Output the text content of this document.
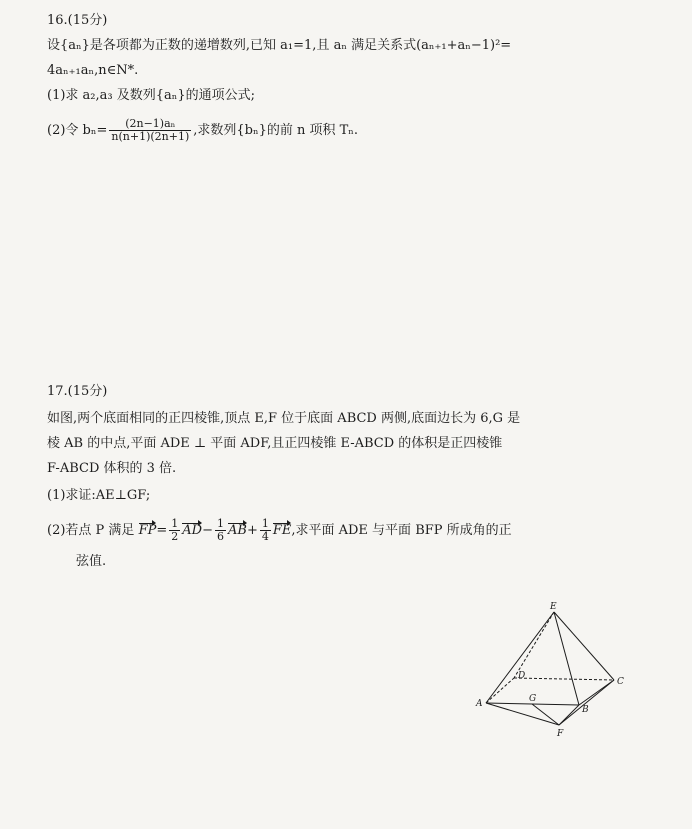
16.(15分)
设{aₙ}是各项都为正数的递增数列,已知 a₁=1,且 aₙ 满足关系式(aₙ₊₁+aₙ−1)²=
4aₙ₊₁aₙ,n∈N*.
(1)求 a₂,a₃ 及数列{aₙ}的通项公式;
(2)令 $b_n= \frac{\text{(2n−1)aₙ}}{n(n+1)(2n+1)}$ ,求数列{bₙ}的前 n 项积 Tₙ.
17.(15分)
如图,两个底面相同的正四棱锥,顶点 E,F 位于底面 ABCD 两侧,底面边长为 6,G 是
棱 AB 的中点,平面 ADE ⊥ 平面 ADF,且正四棱锥 E-ABCD 的体积是正四棱锥
F-ABCD 体积的 3 倍.
(1)求证:AE⊥GF;
(2)若点 P 满足 $FP= \frac{1}{2} AD- \frac{1}{6} AB+ \frac{1}{4}$ FE,求平面 ADE 与平面 BFP 所成角的正
弦值.
E
C
D
A	G
B
F
